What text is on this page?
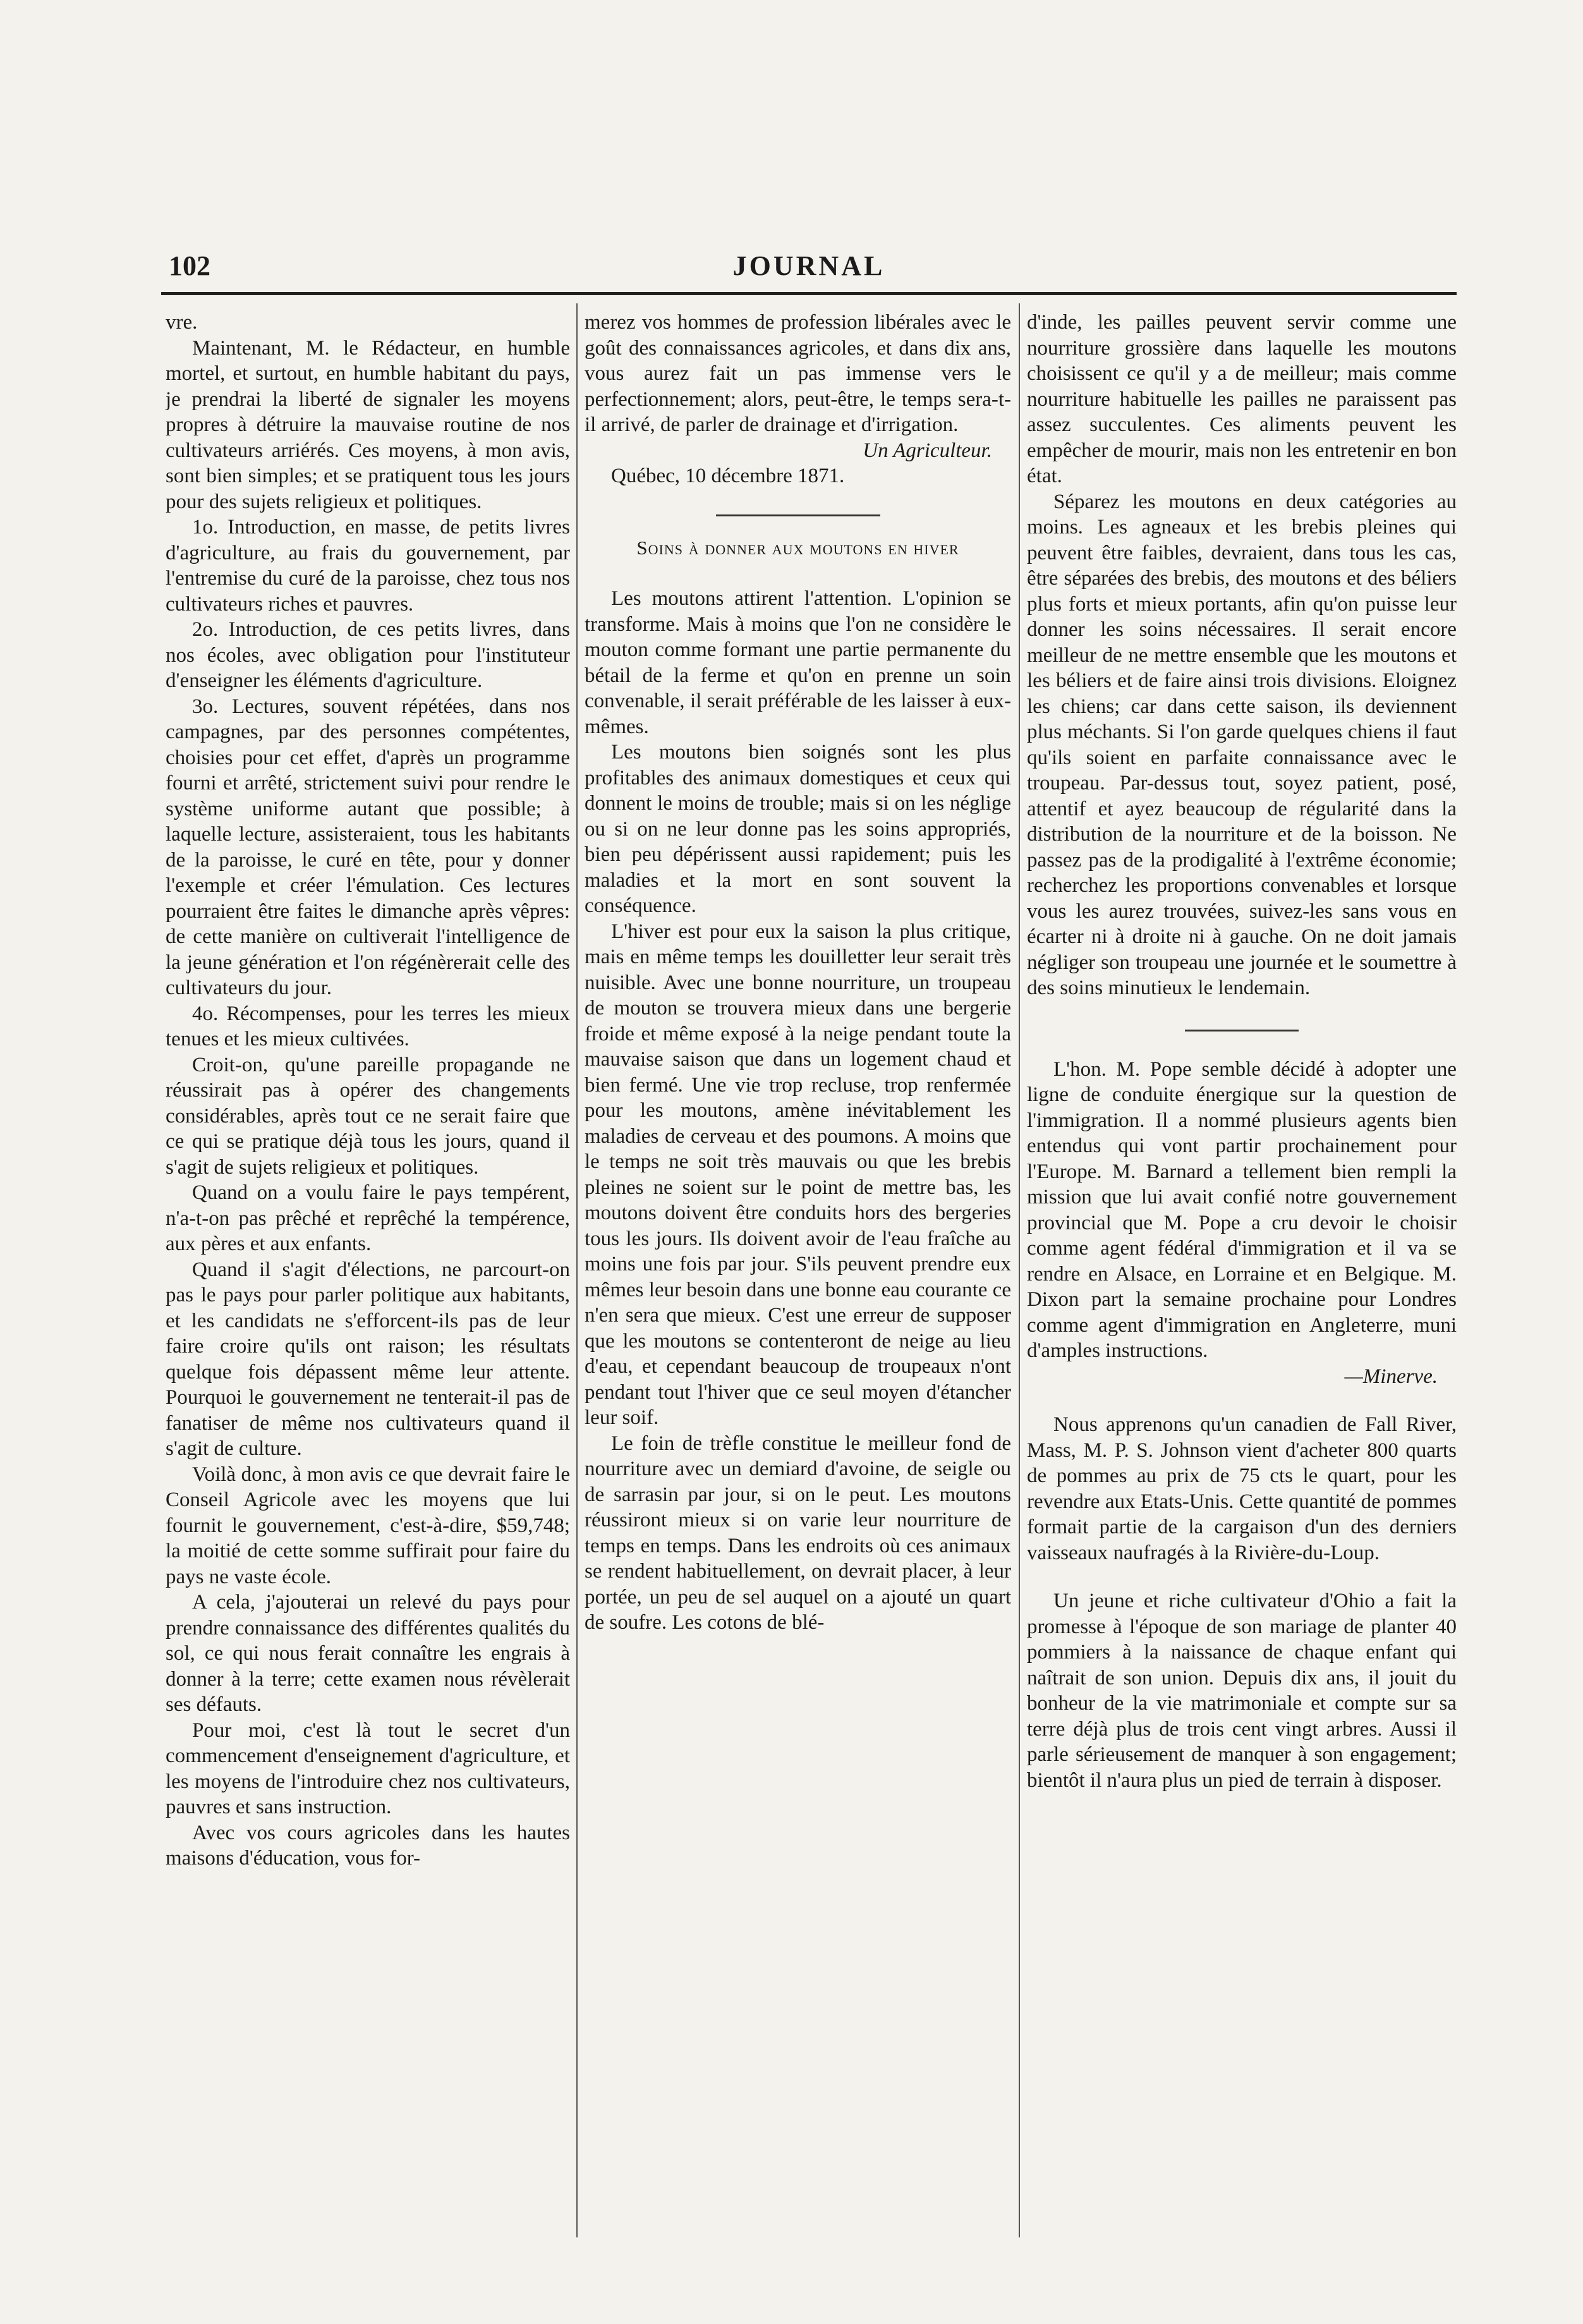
102	JOURNAL

vre.

Maintenant, M. le Rédacteur, en humble mortel, et surtout, en humble habitant du pays, je prendrai la liberté de signaler les moyens propres à détruire la mauvaise routine de nos cultivateurs arriérés. Ces moyens, à mon avis, sont bien simples; et se pratiquent tous les jours pour des sujets religieux et politiques.

1o. Introduction, en masse, de petits livres d'agriculture, au frais du gouvernement, par l'entremise du curé de la paroisse, chez tous nos cultivateurs riches et pauvres.

2o. Introduction, de ces petits livres, dans nos écoles, avec obligation pour l'instituteur d'enseigner les éléments d'agriculture.

3o. Lectures, souvent répétées, dans nos campagnes, par des personnes compétentes, choisies pour cet effet, d'après un programme fourni et arrêté, strictement suivi pour rendre le système uniforme autant que possible; à laquelle lecture, assisteraient, tous les habitants de la paroisse, le curé en tête, pour y donner l'exemple et créer l'émulation. Ces lectures pourraient être faites le dimanche après vêpres: de cette manière on cultiverait l'intelligence de la jeune génération et l'on régénèrerait celle des cultivateurs du jour.

4o. Récompenses, pour les terres les mieux tenues et les mieux cultivées.

Croit-on, qu'une pareille propagande ne réussirait pas à opérer des changements considérables, après tout ce ne serait faire que ce qui se pratique déjà tous les jours, quand il s'agit de sujets religieux et politiques.

Quand on a voulu faire le pays tempérent, n'a-t-on pas prêché et reprêché la tempérence, aux pères et aux enfants.

Quand il s'agit d'élections, ne parcourt-on pas le pays pour parler politique aux habitants, et les candidats ne s'efforcent-ils pas de leur faire croire qu'ils ont raison; les résultats quelque fois dépassent même leur attente. Pourquoi le gouvernement ne tenterait-il pas de fanatiser de même nos cultivateurs quand il s'agit de culture.

Voilà donc, à mon avis ce que devrait faire le Conseil Agricole avec les moyens que lui fournit le gouvernement, c'est-à-dire, $59,748; la moitié de cette somme suffirait pour faire du pays ne vaste école.

A cela, j'ajouterai un relevé du pays pour prendre connaissance des différentes qualités du sol, ce qui nous ferait connaître les engrais à donner à la terre; cette examen nous révèlerait ses défauts.

Pour moi, c'est là tout le secret d'un commencement d'enseignement d'agriculture, et les moyens de l'introduire chez nos cultivateurs, pauvres et sans instruction.

Avec vos cours agricoles dans les hautes maisons d'éducation, vous for-

merez vos hommes de profession libérales avec le goût des connaissances agricoles, et dans dix ans, vous aurez fait un pas immense vers le perfectionnement; alors, peut-être, le temps sera-t-il arrivé, de parler de drainage et d'irrigation.

Un Agriculteur.

Québec, 10 décembre 1871.

Soins à donner aux moutons en hiver

Les moutons attirent l'attention. L'opinion se transforme. Mais à moins que l'on ne considère le mouton comme formant une partie permanente du bétail de la ferme et qu'on en prenne un soin convenable, il serait préférable de les laisser à eux-mêmes.

Les moutons bien soignés sont les plus profitables des animaux domestiques et ceux qui donnent le moins de trouble; mais si on les néglige ou si on ne leur donne pas les soins appropriés, bien peu dépérissent aussi rapidement; puis les maladies et la mort en sont souvent la conséquence.

L'hiver est pour eux la saison la plus critique, mais en même temps les douilletter leur serait très nuisible. Avec une bonne nourriture, un troupeau de mouton se trouvera mieux dans une bergerie froide et même exposé à la neige pendant toute la mauvaise saison que dans un logement chaud et bien fermé. Une vie trop recluse, trop renfermée pour les moutons, amène inévitablement les maladies de cerveau et des poumons. A moins que le temps ne soit très mauvais ou que les brebis pleines ne soient sur le point de mettre bas, les moutons doivent être conduits hors des bergeries tous les jours. Ils doivent avoir de l'eau fraîche au moins une fois par jour. S'ils peuvent prendre eux mêmes leur besoin dans une bonne eau courante ce n'en sera que mieux. C'est une erreur de supposer que les moutons se contenteront de neige au lieu d'eau, et cependant beaucoup de troupeaux n'ont pendant tout l'hiver que ce seul moyen d'étancher leur soif.

Le foin de trèfle constitue le meilleur fond de nourriture avec un demiard d'avoine, de seigle ou de sarrasin par jour, si on le peut. Les moutons réussiront mieux si on varie leur nourriture de temps en temps. Dans les endroits où ces animaux se rendent habituellement, on devrait placer, à leur portée, un peu de sel auquel on a ajouté un quart de soufre. Les cotons de blé-

d'inde, les pailles peuvent servir comme une nourriture grossière dans laquelle les moutons choisissent ce qu'il y a de meilleur; mais comme nourriture habituelle les pailles ne paraissent pas assez succulentes. Ces aliments peuvent les empêcher de mourir, mais non les entretenir en bon état.

Séparez les moutons en deux catégories au moins. Les agneaux et les brebis pleines qui peuvent être faibles, devraient, dans tous les cas, être séparées des brebis, des moutons et des béliers plus forts et mieux portants, afin qu'on puisse leur donner les soins nécessaires. Il serait encore meilleur de ne mettre ensemble que les moutons et les béliers et de faire ainsi trois divisions. Eloignez les chiens; car dans cette saison, ils deviennent plus méchants. Si l'on garde quelques chiens il faut qu'ils soient en parfaite connaissance avec le troupeau. Par-dessus tout, soyez patient, posé, attentif et ayez beaucoup de régularité dans la distribution de la nourriture et de la boisson. Ne passez pas de la prodigalité à l'extrême économie; recherchez les proportions convenables et lorsque vous les aurez trouvées, suivez-les sans vous en écarter ni à droite ni à gauche. On ne doit jamais négliger son troupeau une journée et le soumettre à des soins minutieux le lendemain.

L'hon. M. Pope semble décidé à adopter une ligne de conduite énergique sur la question de l'immigration. Il a nommé plusieurs agents bien entendus qui vont partir prochainement pour l'Europe. M. Barnard a tellement bien rempli la mission que lui avait confié notre gouvernement provincial que M. Pope a cru devoir le choisir comme agent fédéral d'immigration et il va se rendre en Alsace, en Lorraine et en Belgique. M. Dixon part la semaine prochaine pour Londres comme agent d'immigration en Angleterre, muni d'amples instructions.

—Minerve.

Nous apprenons qu'un canadien de Fall River, Mass, M. P. S. Johnson vient d'acheter 800 quarts de pommes au prix de 75 cts le quart, pour les revendre aux Etats-Unis. Cette quantité de pommes formait partie de la cargaison d'un des derniers vaisseaux naufragés à la Rivière-du-Loup.

Un jeune et riche cultivateur d'Ohio a fait la promesse à l'époque de son mariage de planter 40 pommiers à la naissance de chaque enfant qui naîtrait de son union. Depuis dix ans, il jouit du bonheur de la vie matrimoniale et compte sur sa terre déjà plus de trois cent vingt arbres. Aussi il parle sérieusement de manquer à son engagement; bientôt il n'aura plus un pied de terrain à disposer.
